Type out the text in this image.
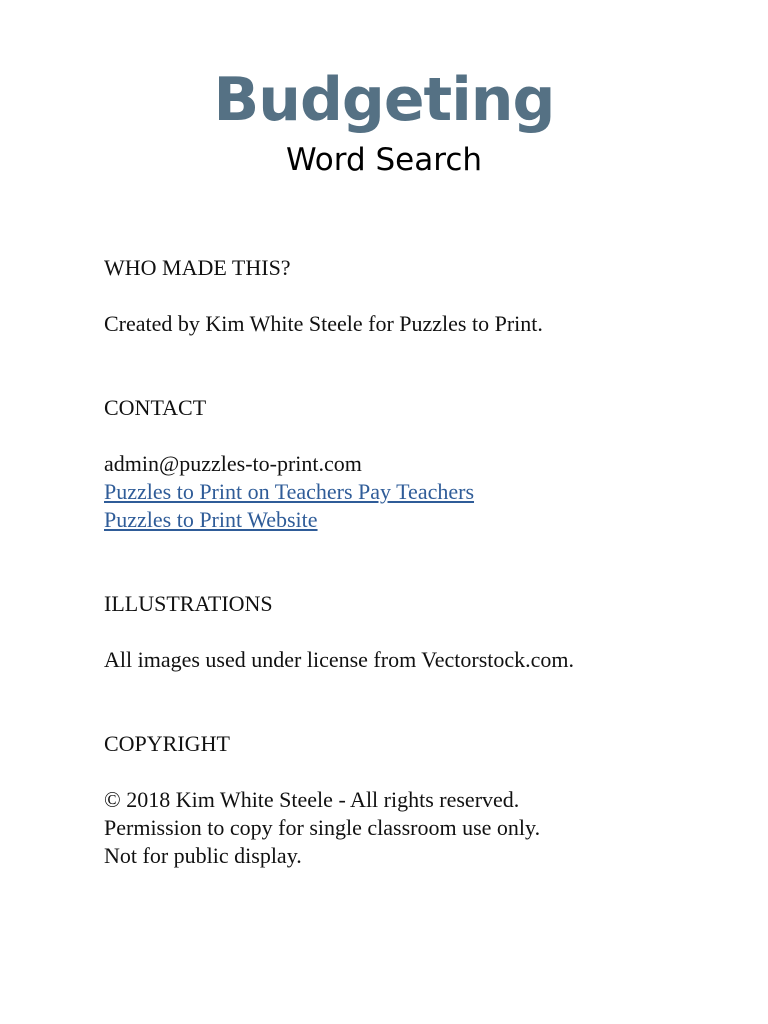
Budgeting
Word Search
WHO MADE THIS?
Created by Kim White Steele for Puzzles to Print.
CONTACT
admin@puzzles-to-print.com
Puzzles to Print on Teachers Pay Teachers
Puzzles to Print Website
ILLUSTRATIONS
All images used under license from Vectorstock.com.
COPYRIGHT
© 2018 Kim White Steele - All rights reserved.
Permission to copy for single classroom use only.
Not for public display.
